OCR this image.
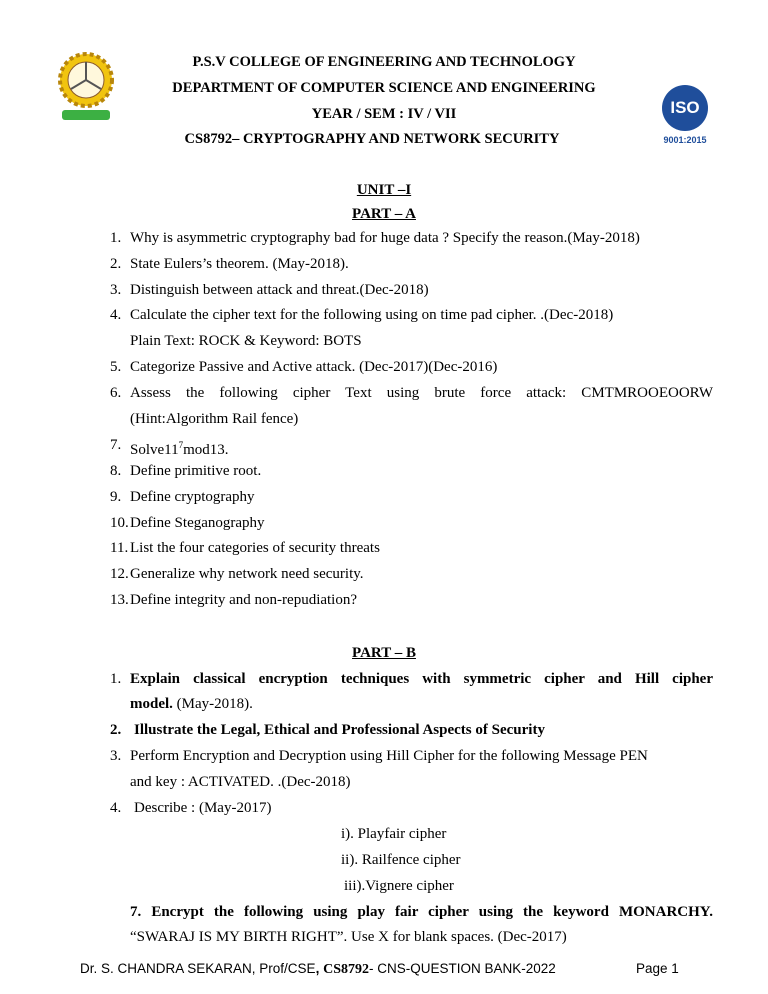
ISO
9001:2015
P.S.V COLLEGE OF ENGINEERING AND TECHNOLOGY
DEPARTMENT OF COMPUTER SCIENCE AND ENGINEERING
YEAR / SEM : IV / VII
CS8792– CRYPTOGRAPHY AND NETWORK SECURITY
UNIT –I
PART – A
1. Why is asymmetric cryptography bad for huge data ? Specify the reason.(May-2018)
2. State Eulers’s theorem. (May-2018).
3. Distinguish between attack and threat.(Dec-2018)
4. Calculate the cipher text for the following using on time pad cipher. .(Dec-2018)
Plain Text: ROCK & Keyword: BOTS
5. Categorize Passive and Active attack. (Dec-2017)(Dec-2016)
6. Assess the following cipher Text using brute force attack: CMTMROOEOORW
(Hint:Algorithm Rail fence)
7. $Solve11^7mod13$.
8. Define primitive root.
9. Define cryptography
10. Define Steganography
11. List the four categories of security threats
12. Generalize why network need security.
13. Define integrity and non-repudiation?
PART – B
1. Explain classical encryption techniques with symmetric cipher and Hill cipher
model. (May-2018).
2. Illustrate the Legal, Ethical and Professional Aspects of Security
3. Perform Encryption and Decryption using Hill Cipher for the following Message PEN
and key : ACTIVATED. .(Dec-2018)
4. Describe : (May-2017)
i). Playfair cipher
ii). Railfence cipher
iii).Vignere cipher
7. Encrypt the following using play fair cipher using the keyword MONARCHY.
“SWARAJ IS MY BIRTH RIGHT”. Use X for blank spaces. (Dec-2017)
Dr. S. CHANDRA SEKARAN, Prof/CSE, CS8792- CNS-QUESTION BANK-2022	Page 1
